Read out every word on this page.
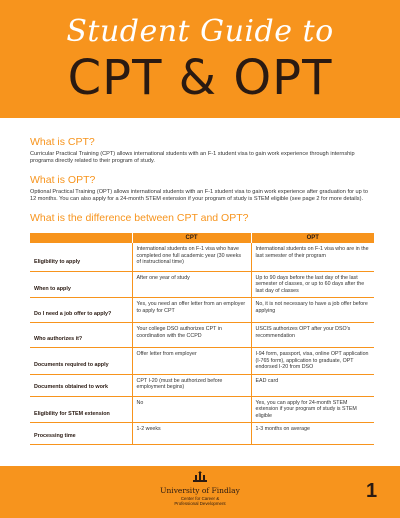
Student Guide to
CPT & OPT
What is CPT?
Curricular Practical Training (CPT) allows international students with an F-1 student visa to gain work experience through internship programs directly related to their program of study.
What is OPT?
Optional Practical Training (OPT) allows international students with an F-1 student visa to gain work experience after graduation for up to 12 months. You can also apply for a 24-month STEM extension if your program of study is STEM eligible (see page 2 for more details).
What is the difference between CPT and OPT?
	CPT	OPT
Eligibility to apply	International students on F-1 visa who have completed one full academic year (30 weeks of instructional time)	International students on F-1 visa who are in the last semester of their program
When to apply	After one year of study	Up to 90 days before the last day of the last semester of classes, or up to 60 days after the last day of classes
Do I need a job offer to apply?	Yes, you need an offer letter from an employer to apply for CPT	No, it is not necessary to have a job offer before applying
Who authorizes it?	Your college DSO authorizes CPT in coordination with the CCPD	USCIS authorizes OPT after your DSO's recommendation
Documents required to apply	Offer letter from employer	I-94 form, passport, visa, online OPT application (I-765 form), application to graduate, OPT endorsed I-20 from DSO
Documents obtained to work	CPT I-20 (must be authorized before employment begins)	EAD card
Eligibility for STEM extension	No	Yes, you can apply for 24-month STEM extension if your program of study is STEM eligible
Processing time	1-2 weeks	1-3 months on average
University of Findlay
Center for Career &
Professional Development
1
